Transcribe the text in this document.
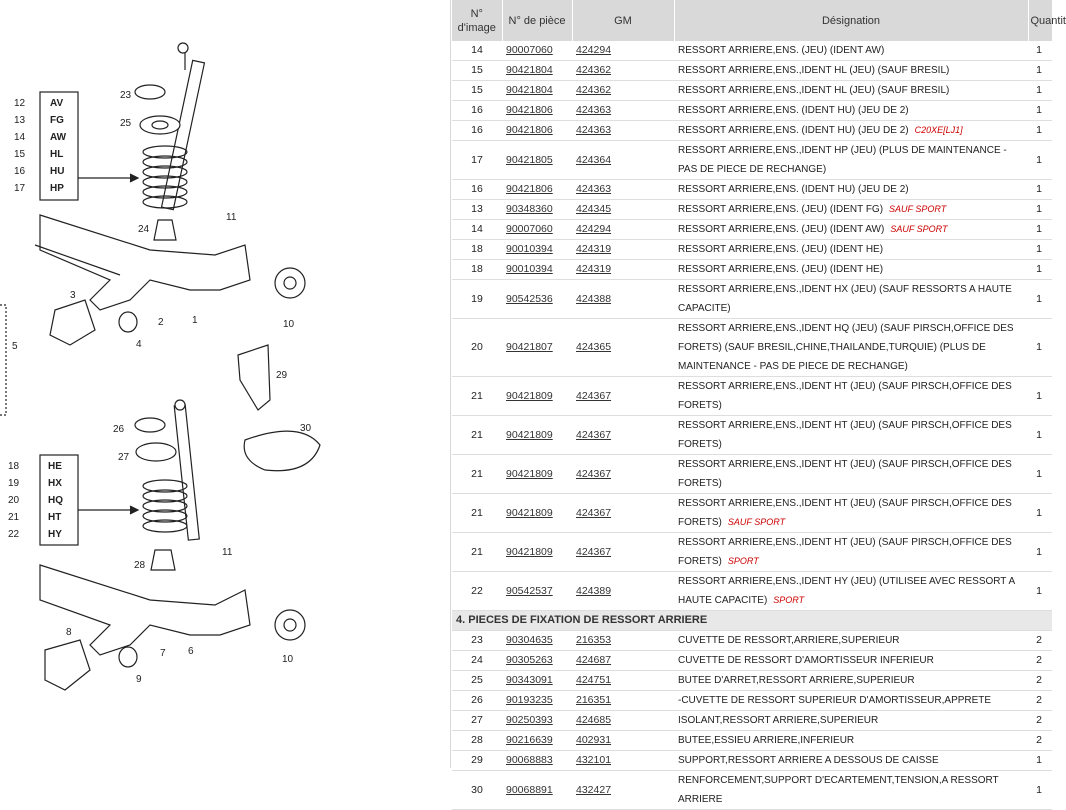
12 AV
13 FG
14 AW
15 HL
16 HU
17 HP
18	HE
19	HX
20	HQ
21	HT
22	HY
23
25
24
11
3
2	1
4
10
5
29
30
26
27
28
11
8
7 6
9
10
N° d'image	N° de pièce	GM	Désignation	Quantit
14	90007060	424294	RESSORT ARRIERE,ENS. (JEU) (IDENT AW)	1
15	90421804	424362	RESSORT ARRIERE,ENS.,IDENT HL (JEU) (SAUF BRESIL)	1
15	90421804	424362	RESSORT ARRIERE,ENS.,IDENT HL (JEU) (SAUF BRESIL)	1
16	90421806	424363	RESSORT ARRIERE,ENS. (IDENT HU) (JEU DE 2)	1
16	90421806	424363	RESSORT ARRIERE,ENS. (IDENT HU) (JEU DE 2) C20XE[LJ1]	1
17	90421805	424364	RESSORT ARRIERE,ENS.,IDENT HP (JEU) (PLUS DE MAINTENANCE - PAS DE PIECE DE RECHANGE)	1
16	90421806	424363	RESSORT ARRIERE,ENS. (IDENT HU) (JEU DE 2)	1
13	90348360	424345	RESSORT ARRIERE,ENS. (JEU) (IDENT FG) SAUF SPORT	1
14	90007060	424294	RESSORT ARRIERE,ENS. (JEU) (IDENT AW) SAUF SPORT	1
18	90010394	424319	RESSORT ARRIERE,ENS. (JEU) (IDENT HE)	1
18	90010394	424319	RESSORT ARRIERE,ENS. (JEU) (IDENT HE)	1
19	90542536	424388	RESSORT ARRIERE,ENS.,IDENT HX (JEU) (SAUF RESSORTS A HAUTE CAPACITE)	1
20	90421807	424365	RESSORT ARRIERE,ENS.,IDENT HQ (JEU) (SAUF PIRSCH,OFFICE DES FORETS) (SAUF BRESIL,CHINE,THAILANDE,TURQUIE) (PLUS DE MAINTENANCE - PAS DE PIECE DE RECHANGE)	1
21	90421809	424367	RESSORT ARRIERE,ENS.,IDENT HT (JEU) (SAUF PIRSCH,OFFICE DES FORETS)	1
21	90421809	424367	RESSORT ARRIERE,ENS.,IDENT HT (JEU) (SAUF PIRSCH,OFFICE DES FORETS)	1
21	90421809	424367	RESSORT ARRIERE,ENS.,IDENT HT (JEU) (SAUF PIRSCH,OFFICE DES FORETS)	1
21	90421809	424367	RESSORT ARRIERE,ENS.,IDENT HT (JEU) (SAUF PIRSCH,OFFICE DES FORETS) SAUF SPORT	1
21	90421809	424367	RESSORT ARRIERE,ENS.,IDENT HT (JEU) (SAUF PIRSCH,OFFICE DES FORETS) SPORT	1
22	90542537	424389	RESSORT ARRIERE,ENS.,IDENT HY (JEU) (UTILISEE AVEC RESSORT A HAUTE CAPACITE) SPORT	1
4. PIECES DE FIXATION DE RESSORT ARRIERE				
23	90304635	216353	CUVETTE DE RESSORT,ARRIERE,SUPERIEUR	2
24	90305263	424687	CUVETTE DE RESSORT D'AMORTISSEUR INFERIEUR	2
25	90343091	424751	BUTEE D'ARRET,RESSORT ARRIERE,SUPERIEUR	2
26	90193235	216351	-CUVETTE DE RESSORT SUPERIEUR D'AMORTISSEUR,APPRETE	2
27	90250393	424685	ISOLANT,RESSORT ARRIERE,SUPERIEUR	2
28	90216639	402931	BUTEE,ESSIEU ARRIERE,INFERIEUR	2
29	90068883	432101	SUPPORT,RESSORT ARRIERE A DESSOUS DE CAISSE	1
30	90068891	432427	RENFORCEMENT,SUPPORT D'ECARTEMENT,TENSION,A RESSORT ARRIERE	1
